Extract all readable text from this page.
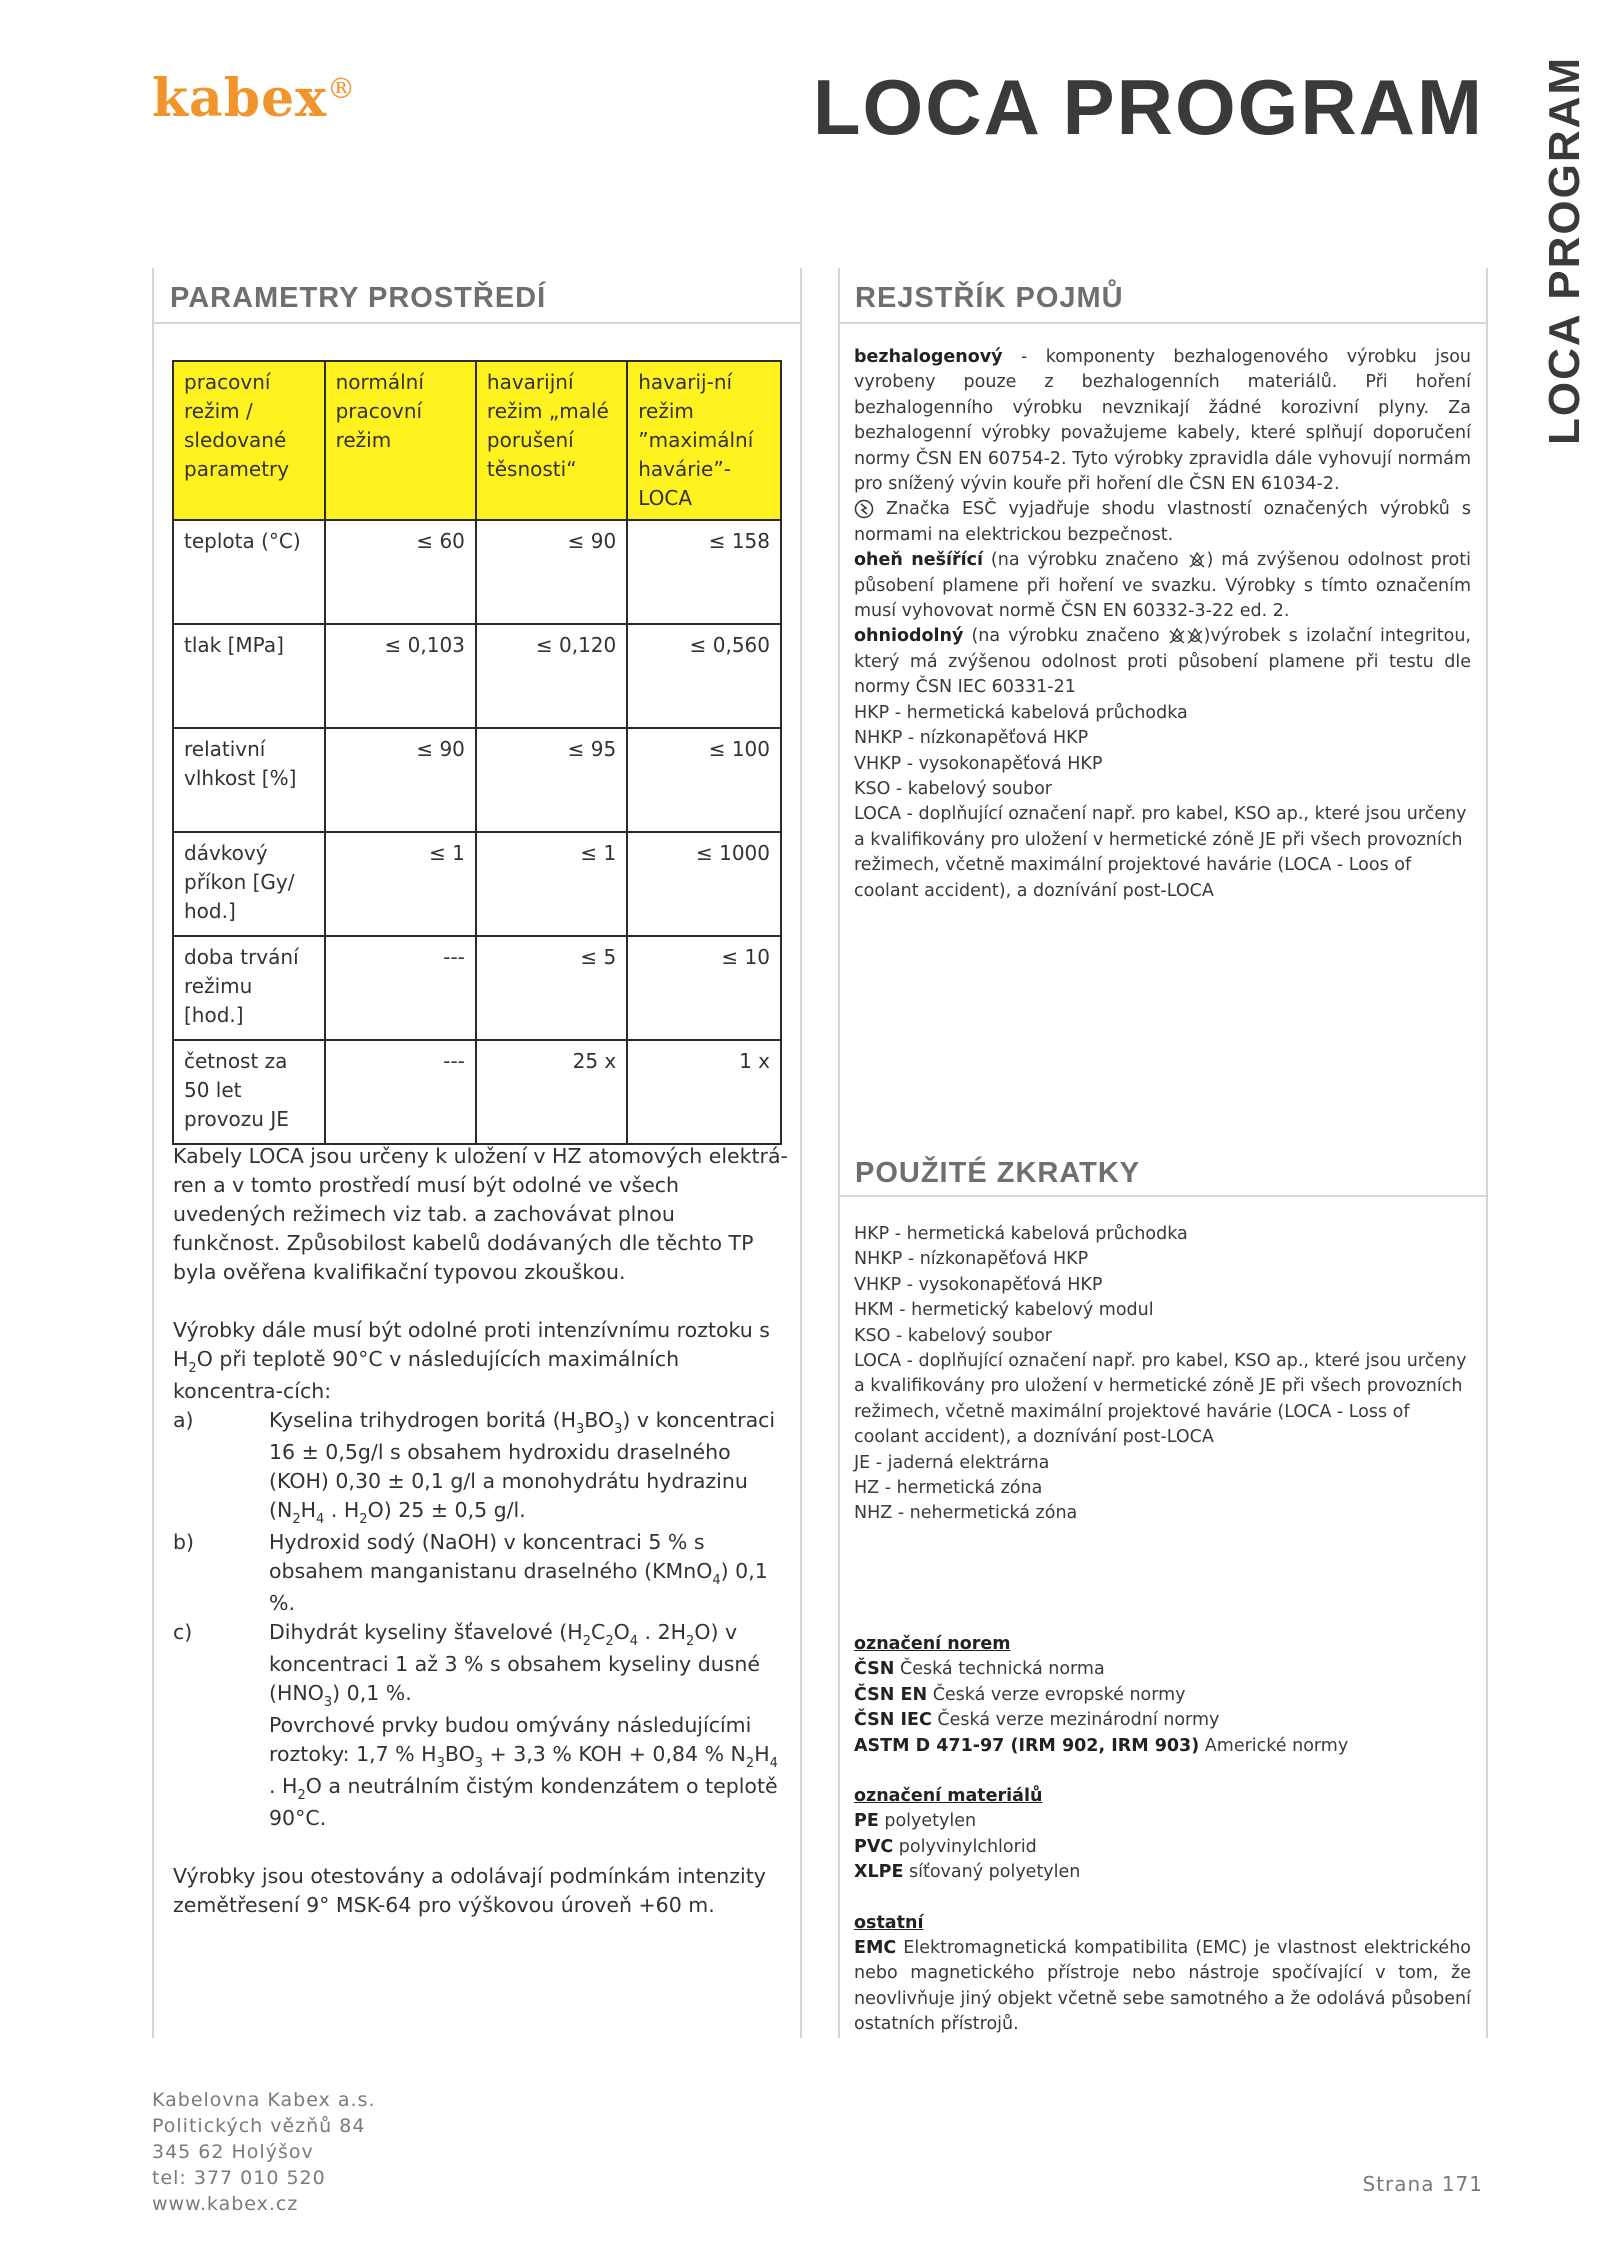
kabex®	LOCA PROGRAM LOCA PROGRAM
PARAMETRY PROSTŘEDÍ	REJSTŘÍK POJMŮ
POUŽITÉ ZKRATKY
pracovní režim / sledované parametry	normální pracovní režim	havarijní režim „malé porušení těsnosti“	havarij-ní režim ”maximální havárie”- LOCA
teplota (°C)	≤ 60	≤ 90	≤ 158
tlak [MPa]	≤ 0,103	≤ 0,120	≤ 0,560
relativní vlhkost [%]	≤ 90	≤ 95	≤ 100
dávkový příkon [Gy/ hod.]	≤ 1	≤ 1	≤ 1000
doba trvání režimu [hod.]	---	≤ 5	≤ 10
četnost za 50 let provozu JE	---	25 x	1 x

Kabely LOCA jsou určeny k uložení v HZ atomových elektrá-ren a v tomto prostředí musí být odolné ve všech uvedených režimech viz tab. a zachovávat plnou funkčnost. Způsobilost kabelů dodávaných dle těchto TP byla ověřena kvalifikační typovou zkouškou.

Výrobky dále musí být odolné proti intenzívnímu roztoku s $H_2O$ při teplotě 90°C v následujících maximálních koncentra-cích:

a)	Kyselina trihydrogen boritá $(H_3BO_3)$ v koncentraci 16 ± 0,5g/l s obsahem hydroxidu draselného (KOH) 0,30 ± 0,1 g/l a monohydrátu hydrazinu ($N_2H_4$ . $H_2O$) 25 ± 0,5 g/l.
b)	Hydroxid sodý (NaOH) v koncentraci 5 % s obsahem manganistanu draselného (KMnO$_4$) 0,1 %.
c)	Dihydrát kyseliny šťavelové ($H_2C_2O_4$ . $2H_2O$) v koncentraci 1 až 3 % s obsahem kyseliny dusné $(HNO_3)$ 0,1 %.
Povrchové prvky budou omývány následujícími roztoky: 1,7 % $H_3BO_3 + 3,3$ % KOH + 0,84 % $N_2H_4$ . $H_2O$ a neutrálním čistým kondenzátem o teplotě 90°C.

Výrobky jsou otestovány a odolávají podmínkám intenzity zemětřesení 9° MSK-64 pro výškovou úroveň +60 m.

bezhalogenový - komponenty bezhalogenového výrobku jsou vyrobeny pouze z bezhalogenních materiálů. Při hoření bezhalogenního výrobku nevznikají žádné korozivní plyny. Za bezhalogenní výrobky považujeme kabely, které splňují doporučení normy ČSN EN 60754-2. Tyto výrobky zpravidla dále vyhovují normám pro snížený vývin kouře při hoření dle ČSN EN 61034-2.

Značka ESČ vyjadřuje shodu vlastností označených výrobků s normami na elektrickou bezpečnost.

oheň nešířící (na výrobku značeno ) má zvýšenou odolnost proti působení plamene při hoření ve svazku. Výrobky s tímto označením musí vyhovovat normě ČSN EN 60332-3-22 ed. 2.

ohniodolný (na výrobku značeno )výrobek s izolační integritou, který má zvýšenou odolnost proti působení plamene při testu dle normy ČSN IEC 60331-21

HKP - hermetická kabelová průchodka

NHKP - nízkonapěťová HKP

VHKP - vysokonapěťová HKP

KSO - kabelový soubor

LOCA - doplňující označení např. pro kabel, KSO ap., které jsou určeny a kvalifikovány pro uložení v hermetické zóně JE při všech provozních režimech, včetně maximální projektové havárie (LOCA - Loos of coolant accident), a doznívání post-LOCA

HKP - hermetická kabelová průchodka

NHKP - nízkonapěťová HKP

VHKP - vysokonapěťová HKP

HKM - hermetický kabelový modul

KSO - kabelový soubor

LOCA - doplňující označení např. pro kabel, KSO ap., které jsou určeny a kvalifikovány pro uložení v hermetické zóně JE při všech provozních režimech, včetně maximální projektové havárie (LOCA - Loss of coolant accident), a doznívání post-LOCA

JE - jaderná elektrárna

HZ - hermetická zóna

NHZ - nehermetická zóna

označení norem

ČSN Česká technická norma

ČSN EN Česká verze evropské normy

ČSN IEC Česká verze mezinárodní normy

ASTM D 471-97 (IRM 902, IRM 903) Americké normy

označení materiálů

PE polyetylen

PVC polyvinylchlorid

XLPE síťovaný polyetylen

ostatní

EMC Elektromagnetická kompatibilita (EMC) je vlastnost elektrického nebo magnetického přístroje nebo nástroje spočívající v tom, že neovlivňuje jiný objekt včetně sebe samotného a že odolává působení ostatních přístrojů.

Kabelovna Kabex a.s.
Politických vězňů 84
345 62 Holýšov
tel: 377 010 520
www.kabex.cz
Strana 171
